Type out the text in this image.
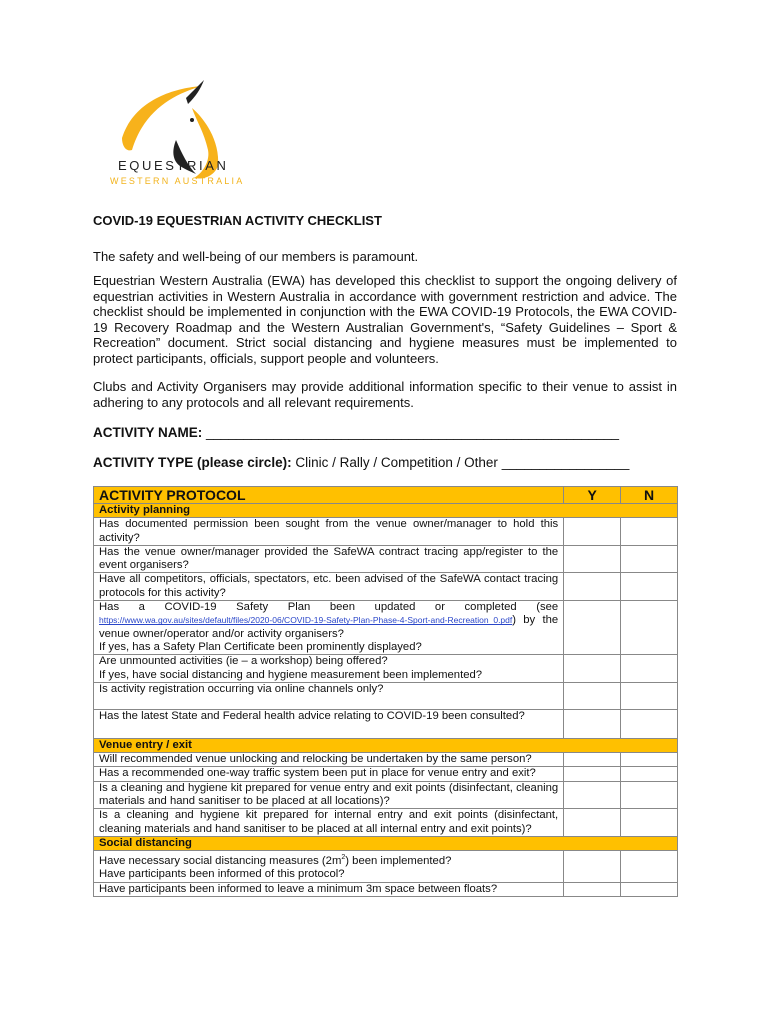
EQUESTRIAN
WESTERN AUSTRALIA
COVID-19 EQUESTRIAN ACTIVITY CHECKLIST
The safety and well-being of our members is paramount.
Equestrian Western Australia (EWA) has developed this checklist to support the ongoing delivery of equestrian activities in Western Australia in accordance with government restriction and advice. The checklist should be implemented in conjunction with the EWA COVID-19 Protocols, the EWA COVID-19 Recovery Roadmap and the Western Australian Government's, “Safety Guidelines – Sport & Recreation” document. Strict social distancing and hygiene measures must be implemented to protect participants, officials, support people and volunteers.
Clubs and Activity Organisers may provide additional information specific to their venue to assist in adhering to any protocols and all relevant requirements.
ACTIVITY NAME: _______________________________________________________
ACTIVITY TYPE (please circle): Clinic / Rally / Competition / Other _________________
ACTIVITY PROTOCOL	Y	N
Activity planning		
Has documented permission been sought from the venue owner/manager to hold this activity?		
Has the venue owner/manager provided the SafeWA contract tracing app/register to the event organisers?		
Have all competitors, officials, spectators, etc. been advised of the SafeWA contact tracing protocols for this activity?		
Has a COVID-19 Safety Plan been updated or completed (see https://www.wa.gov.au/sites/default/files/2020-06/COVID-19-Safety-Plan-Phase-4-Sport-and-Recreation_0.pdf) by the venue owner/operator and/or activity organisers?
If yes, has a Safety Plan Certificate been prominently displayed?		
Are unmounted activities (ie – a workshop) being offered?
If yes, have social distancing and hygiene measurement been implemented?		
Is activity registration occurring via online channels only?		
Has the latest State and Federal health advice relating to COVID-19 been consulted?		
Venue entry / exit		
Will recommended venue unlocking and relocking be undertaken by the same person?		
Has a recommended one-way traffic system been put in place for venue entry and exit?		
Is a cleaning and hygiene kit prepared for venue entry and exit points (disinfectant, cleaning materials and hand sanitiser to be placed at all locations)?		
Is a cleaning and hygiene kit prepared for internal entry and exit points (disinfectant, cleaning materials and hand sanitiser to be placed at all internal entry and exit points)?		
Social distancing		
Have necessary social distancing measures $(2m^2)$ been implemented?
Have participants been informed of this protocol?		
Have participants been informed to leave a minimum 3m space between floats?		
